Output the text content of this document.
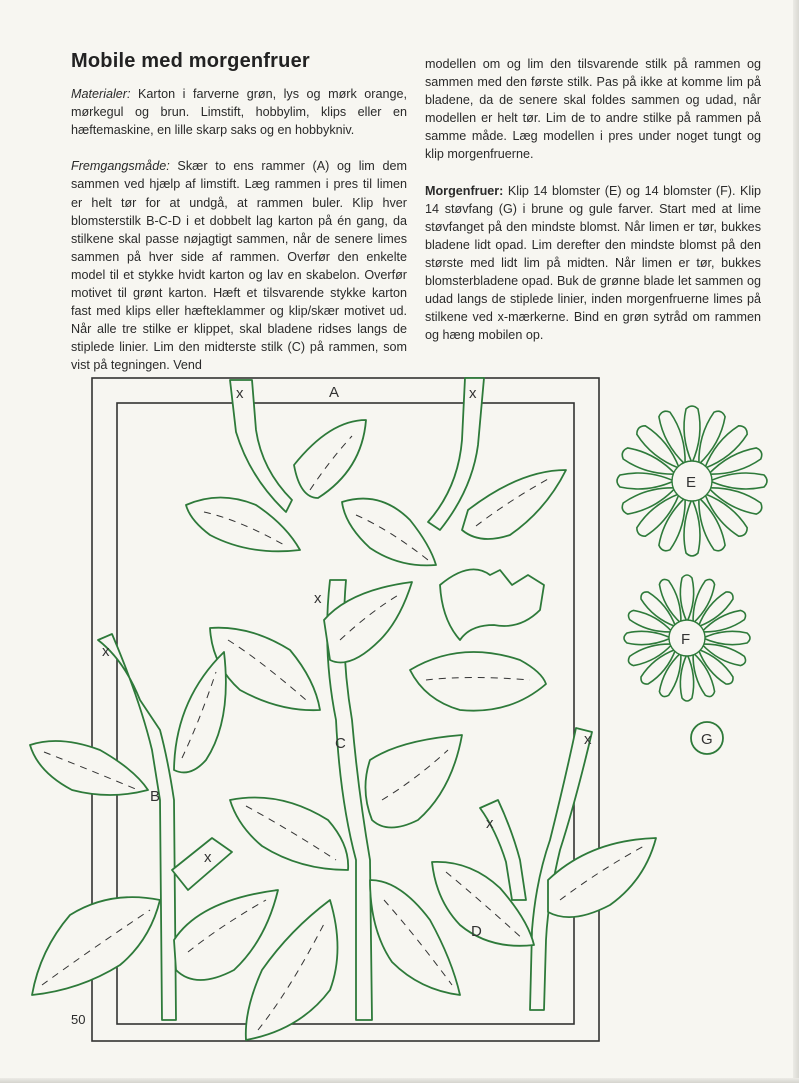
Mobile med morgenfruer

Materialer: Karton i farverne grøn, lys og mørk orange, mørkegul og brun. Limstift, hobbylim, klips eller en hæftemaskine, en lille skarp saks og en hobbykniv.

Fremgangsmåde: Skær to ens rammer (A) og lim dem sammen ved hjælp af limstift. Læg rammen i pres til limen er helt tør for at undgå, at rammen buler. Klip hver blomsterstilk B-C-D i et dobbelt lag karton på én gang, da stilkene skal passe nøjagtigt sammen, når de senere limes sammen på hver side af rammen. Overfør den enkelte model til et stykke hvidt karton og lav en skabelon. Overfør motivet til grønt karton. Hæft et tilsvarende stykke karton fast med klips eller hæfteklammer og klip/skær motivet ud. Når alle tre stilke er klippet, skal bladene ridses langs de stiplede linier. Lim den midterste stilk (C) på rammen, som vist på tegningen. Vend

modellen om og lim den tilsvarende stilk på rammen og sammen med den første stilk. Pas på ikke at komme lim på bladene, da de senere skal foldes sammen og udad, når modellen er helt tør. Lim de to andre stilke på rammen på samme måde. Læg modellen i pres under noget tungt og klip morgenfruerne.

Morgenfruer: Klip 14 blomster (E) og 14 blomster (F). Klip 14 støvfang (G) i brune og gule farver. Start med at lime støvfanget på den mindste blomst. Når limen er tør, bukkes bladene lidt opad. Lim derefter den mindste blomst på den største med lidt lim på midten. Når limen er tør, bukkes blomsterbladene opad. Buk de grønne blade let sammen og udad langs de stiplede linier, inden morgenfruerne limes på stilkene ved x-mærkerne. Bind en grøn sytråd om rammen og hæng mobilen op.

x	x
x
x
x
x
x
A
B
C
D
E
F
G
50
